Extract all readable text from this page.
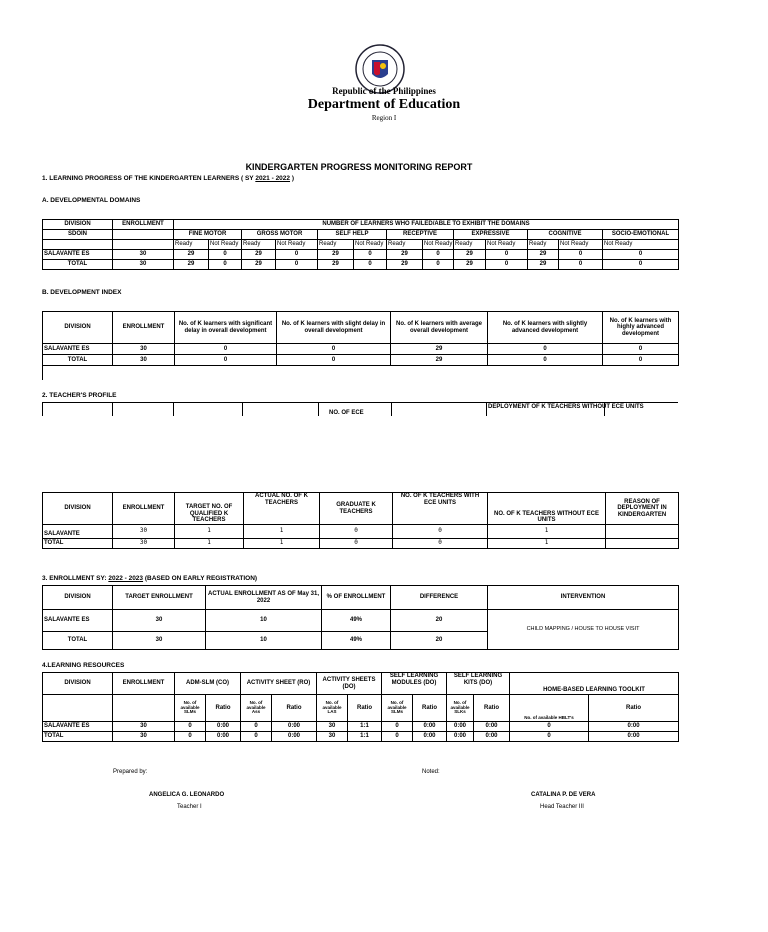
Republic of the Philippines
Department of Education
Region I
KINDERGARTEN PROGRESS MONITORING REPORT
1. LEARNING PROGRESS OF THE KINDERGARTEN LEARNERS ( SY 2021 - 2022 )
A. DEVELOPMENTAL DOMAINS
DIVISION	ENROLLMENT	NUMBER OF LEARNERS WHO FAILED/ABLE TO EXHIBIT THE DOMAINS												
SDOIN		FINE MOTOR		GROSS MOTOR		SELF HELP		RECEPTIVE		EXPRESSIVE		COGNITIVE		SOCIO-EMOTIONAL
		Ready	Not Ready	Ready	Not Ready	Ready	Not Ready	Ready	Not Ready	Ready	Not Ready	Ready	Not Ready	Not Ready
SALAVANTE ES	30	29	0	29	0	29	0	29	0	29	0	29	0	0
TOTAL	30	29	0	29	0	29	0	29	0	29	0	29	0	0
B. DEVELOPMENT INDEX
DIVISION	ENROLLMENT	No. of K learners with significant delay in overall development	No. of K learners with slight delay in overall development	No. of K learners with average overall development	No. of K learners with slightly advanced development	No. of K learners with highly advanced development
SALAVANTE ES	30	0	0	29	0	0
TOTAL	30	0	0	29	0	0
2. TEACHER'S PROFILE
NO. OF ECE
DEPLOYMENT OF K TEACHERS WITHOUT ECE UNITS
DIVISION	ENROLLMENT	TARGET NO. OF QUALIFIED K TEACHERS	ACTUAL NO. OF K TEACHERS	GRADUATE K TEACHERS	NO. OF K TEACHERS WITH ECE UNITS	NO. OF K TEACHERS WITHOUT ECE UNITS	REASON OF DEPLOYMENT IN KINDERGARTEN
SALAVANTE	30	1	1	0	0	1	
TOTAL	30	1	1	0	0	1	
3. ENROLLMENT SY: 2022 - 2023 (BASED ON EARLY REGISTRATION)
DIVISION	TARGET ENROLLMENT	ACTUAL ENROLLMENT AS OF May 31, 2022	% OF ENROLLMENT	DIFFERENCE	INTERVENTION
SALAVANTE ES	30	10	49%	20	CHILD MAPPING / HOUSE TO HOUSE VISIT
TOTAL	30	10	49%	20	
4.LEARNING RESOURCES
DIVISION	ENROLLMENT	ADM-SLM (CO)		ACTIVITY SHEET (RO)		ACTIVITY SHEETS (DO)		SELF LEARNING MODULES (DO)		SELF LEARNING KITS (DO)		HOME-BASED LEARNING TOOLKIT	
		No. of available SLMs	Ratio	No. of available Ass	Ratio	No. of available LAS	Ratio	No. of available SLMs	Ratio	No. of available SLKs	Ratio	No. of available HBLT's	Ratio
SALAVANTE ES	30	0	0:00	0	0:00	30	1:1	0	0:00	0:00	0:00	0	0:00
TOTAL	30	0	0:00	0	0:00	30	1:1	0	0:00	0:00	0:00	0	0:00
Prepared by:	Noted:
ANGELICA G. LEONARDO
Teacher I
CATALINA P. DE VERA
Head Teacher III
